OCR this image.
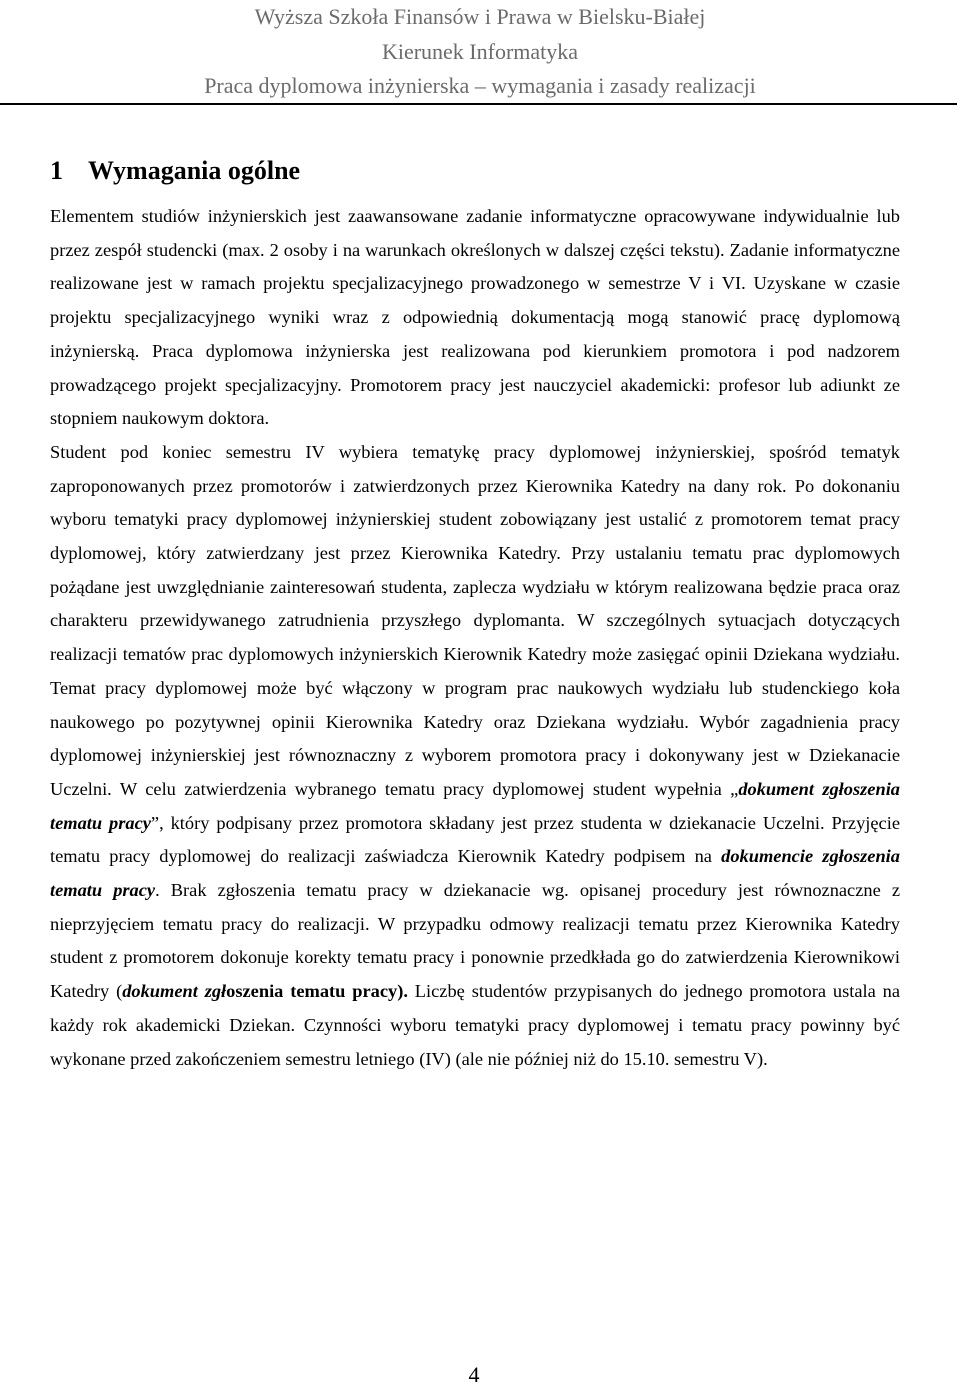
Wyższa Szkoła Finansów i Prawa w Bielsku-Białej
Kierunek Informatyka
Praca dyplomowa inżynierska – wymagania i zasady realizacji
1 Wymagania ogólne

Elementem studiów inżynierskich jest zaawansowane zadanie informatyczne opracowywane indywidualnie lub przez zespół studencki (max. 2 osoby i na warunkach określonych w dalszej części tekstu). Zadanie informatyczne realizowane jest w ramach projektu specjalizacyjnego prowadzonego w semestrze V i VI. Uzyskane w czasie projektu specjalizacyjnego wyniki wraz z odpowiednią dokumentacją mogą stanowić pracę dyplomową inżynierską. Praca dyplomowa inżynierska jest realizowana pod kierunkiem promotora i pod nadzorem prowadzącego projekt specjalizacyjny. Promotorem pracy jest nauczyciel akademicki: profesor lub adiunkt ze stopniem naukowym doktora.

Student pod koniec semestru IV wybiera tematykę pracy dyplomowej inżynierskiej, spośród tematyk zaproponowanych przez promotorów i zatwierdzonych przez Kierownika Katedry na dany rok. Po dokonaniu wyboru tematyki pracy dyplomowej inżynierskiej student zobowiązany jest ustalić z promotorem temat pracy dyplomowej, który zatwierdzany jest przez Kierownika Katedry. Przy ustalaniu tematu prac dyplomowych pożądane jest uwzględnianie zainteresowań studenta, zaplecza wydziału w którym realizowana będzie praca oraz charakteru przewidywanego zatrudnienia przyszłego dyplomanta. W szczególnych sytuacjach dotyczących realizacji tematów prac dyplomowych inżynierskich Kierownik Katedry może zasięgać opinii Dziekana wydziału. Temat pracy dyplomowej może być włączony w program prac naukowych wydziału lub studenckiego koła naukowego po pozytywnej opinii Kierownika Katedry oraz Dziekana wydziału. Wybór zagadnienia pracy dyplomowej inżynierskiej jest równoznaczny z wyborem promotora pracy i dokonywany jest w Dziekanacie Uczelni. W celu zatwierdzenia wybranego tematu pracy dyplomowej student wypełnia „dokument zgłoszenia tematu pracy”, który podpisany przez promotora składany jest przez studenta w dziekanacie Uczelni. Przyjęcie tematu pracy dyplomowej do realizacji zaświadcza Kierownik Katedry podpisem na dokumencie zgłoszenia tematu pracy. Brak zgłoszenia tematu pracy w dziekanacie wg. opisanej procedury jest równoznaczne z nieprzyjęciem tematu pracy do realizacji. W przypadku odmowy realizacji tematu przez Kierownika Katedry student z promotorem dokonuje korekty tematu pracy i ponownie przedkłada go do zatwierdzenia Kierownikowi Katedry (dokument zgłoszenia tematu pracy). Liczbę studentów przypisanych do jednego promotora ustala na każdy rok akademicki Dziekan. Czynności wyboru tematyki pracy dyplomowej i tematu pracy powinny być wykonane przed zakończeniem semestru letniego (IV) (ale nie później niż do 15.10. semestru V).

4
